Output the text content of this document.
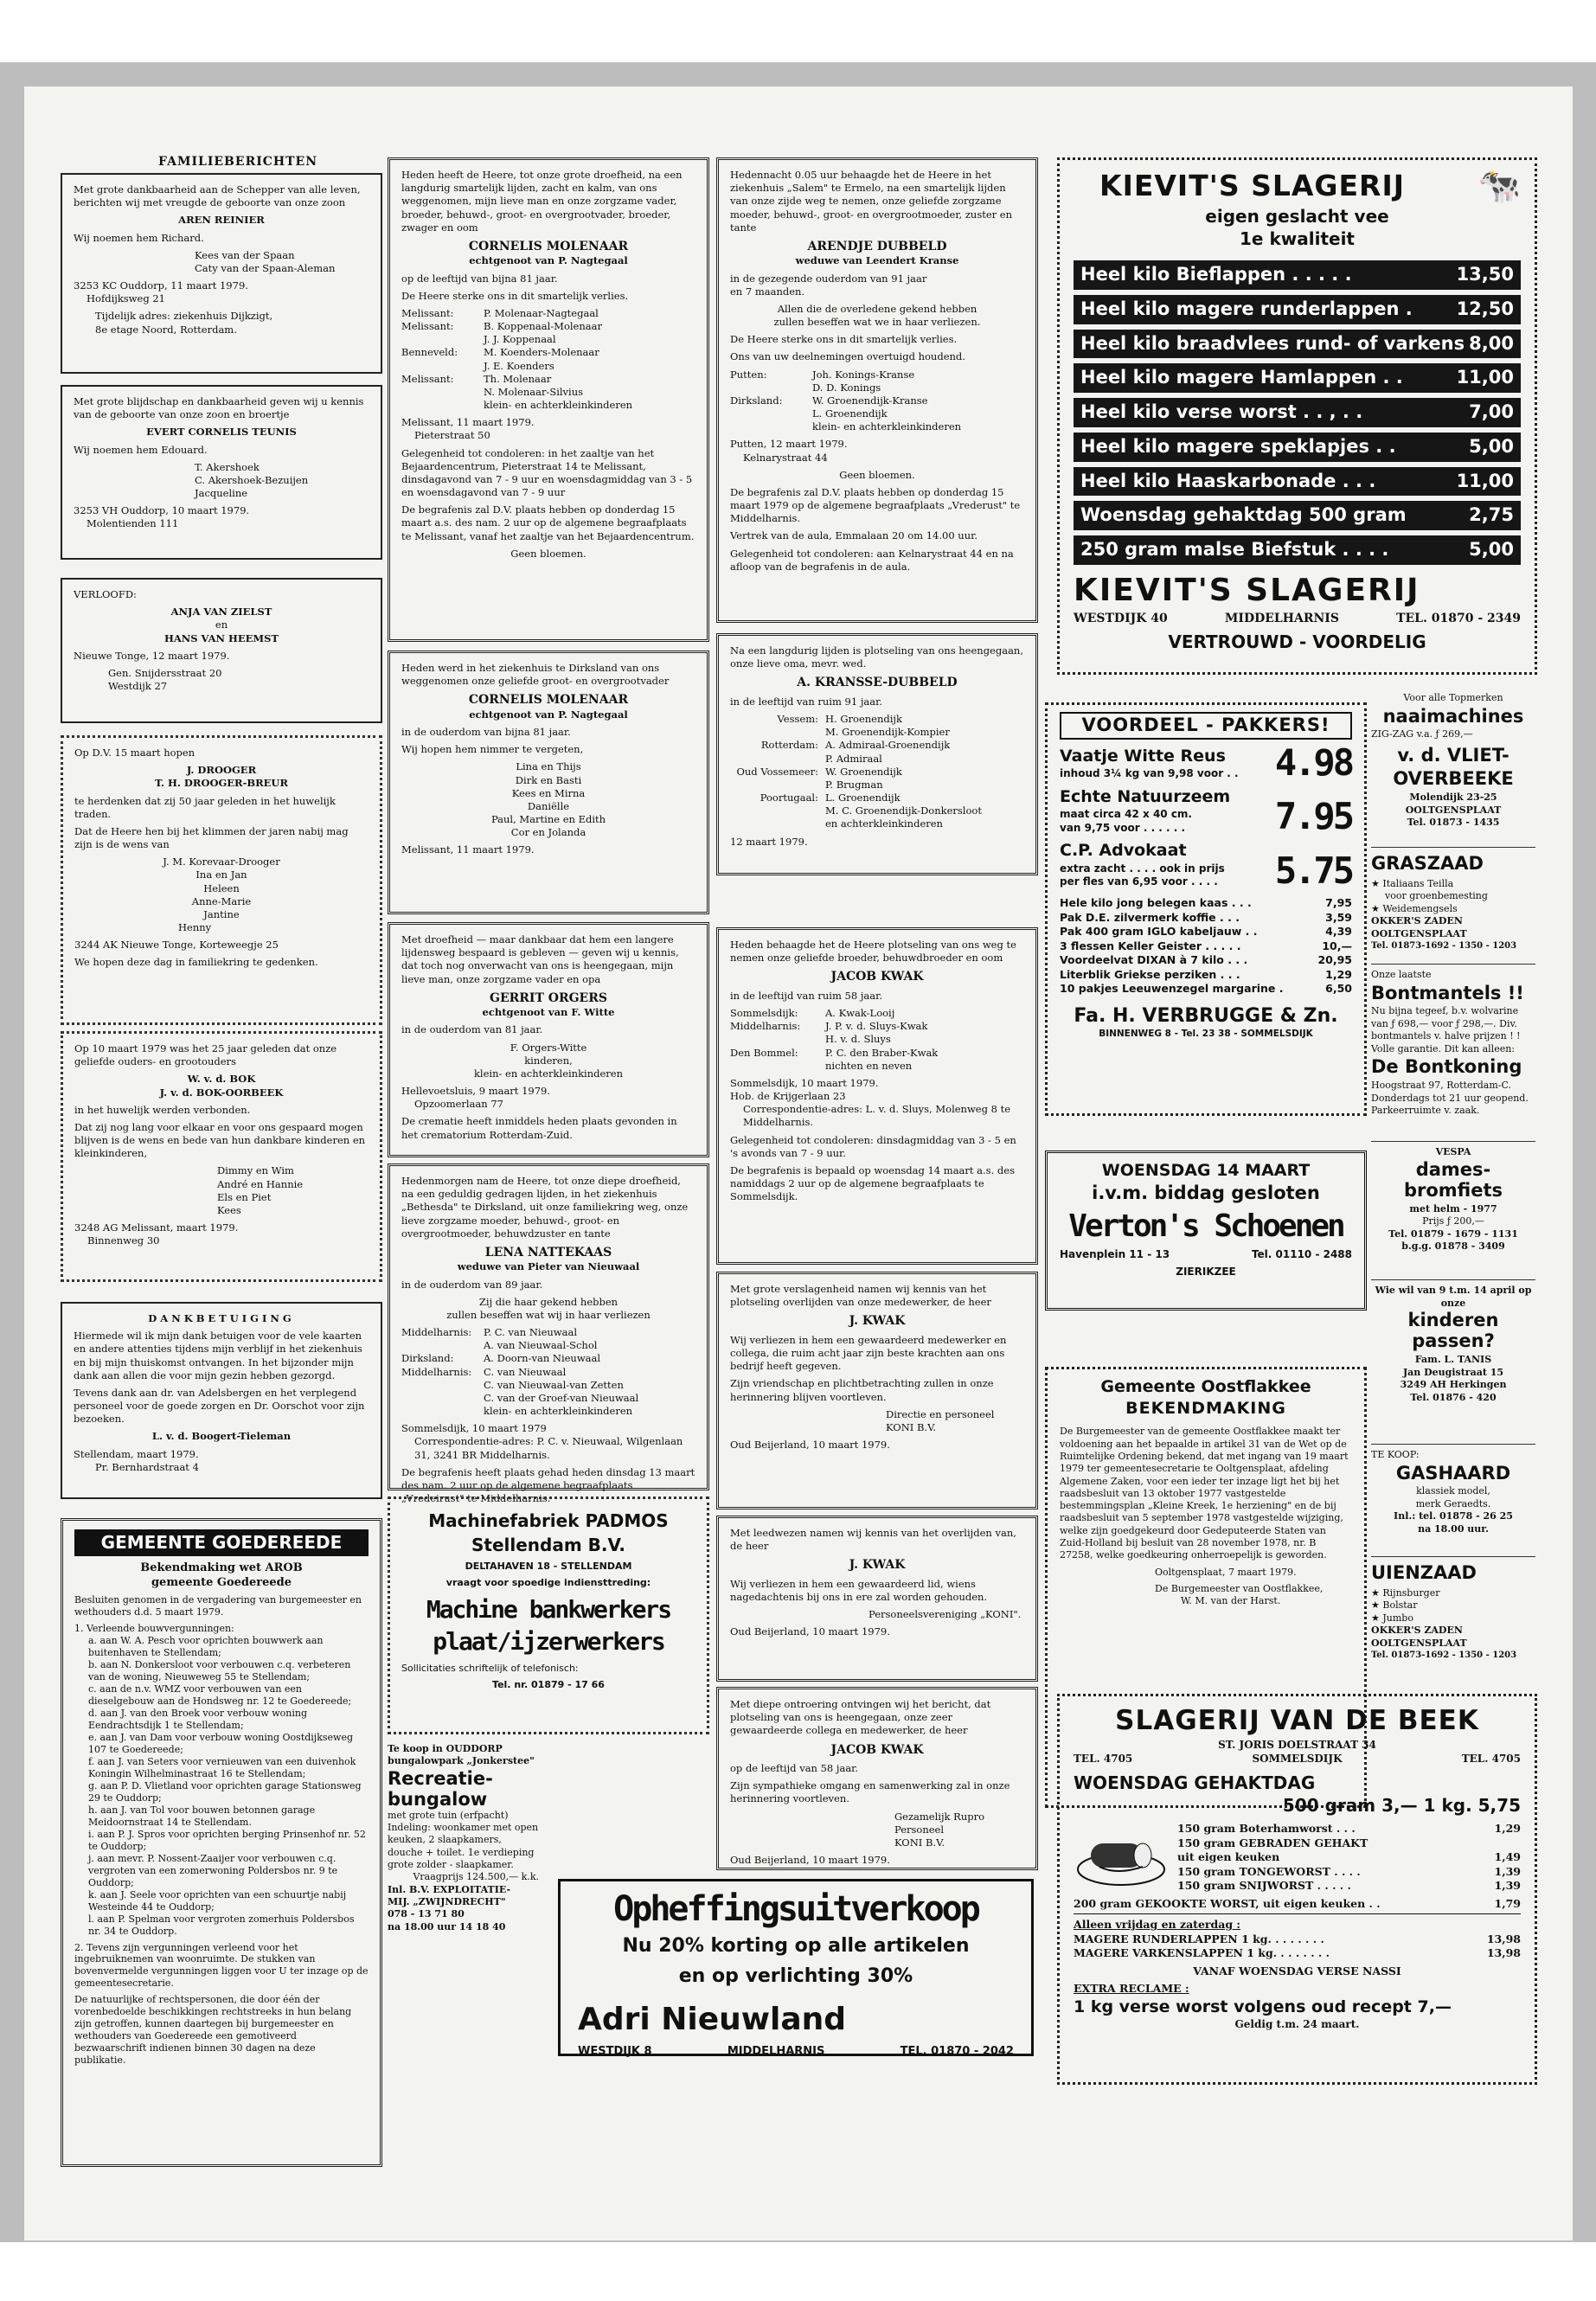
FAMILIEBERICHTEN

Met grote dankbaarheid aan de Schepper van alle leven, berichten wij met vreugde de geboorte van onze zoon

AREN REINIER

Wij noemen hem Richard.

Kees van der Spaan

Caty van der Spaan-Aleman

3253 KC Ouddorp, 11 maart 1979.

Hofdijksweg 21

Tijdelijk adres: ziekenhuis Dijkzigt,

8e etage Noord, Rotterdam.

Met grote blijdschap en dankbaarheid geven wij u kennis van de geboorte van onze zoon en broertje

EVERT CORNELIS TEUNIS

Wij noemen hem Edouard.

T. Akershoek

C. Akershoek-Bezuijen

Jacqueline

3253 VH Ouddorp, 10 maart 1979.

Molentienden 111

VERLOOFD:

ANJA VAN ZIELST

en

HANS VAN HEEMST

Nieuwe Tonge, 12 maart 1979.

Gen. Snijdersstraat 20

Westdijk 27

Op D.V. 15 maart hopen

J. DROOGER

T. H. DROOGER-BREUR

te herdenken dat zij 50 jaar geleden in het huwelijk traden.

Dat de Heere hen bij het klimmen der jaren nabij mag zijn is de wens van

J. M. Korevaar-Drooger

Ina en Jan

Heleen

Anne-Marie

Jantine

Henny

3244 AK Nieuwe Tonge, Korteweegje 25

We hopen deze dag in familiekring te gedenken.

Op 10 maart 1979 was het 25 jaar geleden dat onze geliefde ouders- en grootouders

W. v. d. BOK

J. v. d. BOK-OORBEEK

in het huwelijk werden verbonden.

Dat zij nog lang voor elkaar en voor ons gespaard mogen blijven is de wens en bede van hun dankbare kinderen en kleinkinderen,

Dimmy en Wim

André en Hannie

Els en Piet

Kees

3248 AG Melissant, maart 1979.

Binnenweg 30

DANKBETUIGING

Hiermede wil ik mijn dank betuigen voor de vele kaarten en andere attenties tijdens mijn verblijf in het ziekenhuis en bij mijn thuiskomst ontvangen. In het bijzonder mijn dank aan allen die voor mijn gezin hebben gezorgd.

Tevens dank aan dr. van Adelsbergen en het verplegend personeel voor de goede zorgen en Dr. Oorschot voor zijn bezoeken.

L. v. d. Boogert-Tieleman

Stellendam, maart 1979.

Pr. Bernhardstraat 4

GEMEENTE GOEDEREEDE

Bekendmaking wet AROB

gemeente Goedereede

Besluiten genomen in de vergadering van burgemeester en wethouders d.d. 5 maart 1979.

1. Verleende bouwvergunningen:

a. aan W. A. Pesch voor oprichten bouwwerk aan buitenhaven te Stellendam;

b. aan N. Donkersloot voor verbouwen c.q. verbeteren van de woning, Nieuweweg 55 te Stellendam;

c. aan de n.v. WMZ voor verbouwen van een dieselgebouw aan de Hondsweg nr. 12 te Goedereede;

d. aan J. van den Broek voor verbouw woning Eendrachtsdijk 1 te Stellendam;

e. aan J. van Dam voor verbouw woning Oostdijkseweg 107 te Goedereede;

f. aan J. van Seters voor vernieuwen van een duivenhok Koningin Wilhelminastraat 16 te Stellendam;

g. aan P. D. Vlietland voor oprichten garage Stationsweg 29 te Ouddorp;

h. aan J. van Tol voor bouwen betonnen garage Meidoornstraat 14 te Stellendam.

i. aan P. J. Spros voor oprichten berging Prinsenhof nr. 52 te Ouddorp;

j. aan mevr. P. Nossent-Zaaijer voor verbouwen c.q. vergroten van een zomerwoning Poldersbos nr. 9 te Ouddorp;

k. aan J. Seele voor oprichten van een schuurtje nabij Westeinde 44 te Ouddorp;

l. aan P. Spelman voor vergroten zomerhuis Poldersbos nr. 34 te Ouddorp.

2. Tevens zijn vergunningen verleend voor het ingebruiknemen van woonruimte. De stukken van bovenvermelde vergunningen liggen voor U ter inzage op de gemeentesecretarie.

De natuurlijke of rechtspersonen, die door één der vorenbedoelde beschikkingen rechtstreeks in hun belang zijn getroffen, kunnen daartegen bij burgemeester en wethouders van Goedereede een gemotiveerd bezwaarschrift indienen binnen 30 dagen na deze publikatie.

Heden heeft de Heere, tot onze grote droefheid, na een langdurig smartelijk lijden, zacht en kalm, van ons weggenomen, mijn lieve man en onze zorgzame vader, broeder, behuwd-, groot- en overgrootvader, broeder, zwager en oom

CORNELIS MOLENAAR

echtgenoot van P. Nagtegaal

op de leeftijd van bijna 81 jaar.

De Heere sterke ons in dit smartelijk verlies.

Melissant:	P. Molenaar-Nagtegaal
Melissant:	B. Koppenaal-Molenaar
J. J. Koppenaal
Benneveld:	M. Koenders-Molenaar
J. E. Koenders
Melissant:	Th. Molenaar
N. Molenaar-Silvius
klein- en achterkleinkinderen

Melissant, 11 maart 1979.

Pieterstraat 50

Gelegenheid tot condoleren: in het zaaltje van het Bejaardencentrum, Pieterstraat 14 te Melissant, dinsdagavond van 7 - 9 uur en woensdagmiddag van 3 - 5 en woensdagavond van 7 - 9 uur

De begrafenis zal D.V. plaats hebben op donderdag 15 maart a.s. des nam. 2 uur op de algemene begraafplaats te Melissant, vanaf het zaaltje van het Bejaardencentrum.

Geen bloemen.

Heden werd in het ziekenhuis te Dirksland van ons weggenomen onze geliefde groot- en overgrootvader

CORNELIS MOLENAAR

echtgenoot van P. Nagtegaal

in de ouderdom van bijna 81 jaar.

Wij hopen hem nimmer te vergeten,

Lina en Thijs

Dirk en Basti

Kees en Mirna

Daniëlle

Paul, Martine en Edith

Cor en Jolanda

Melissant, 11 maart 1979.

Met droefheid — maar dankbaar dat hem een langere lijdensweg bespaard is gebleven — geven wij u kennis, dat toch nog onverwacht van ons is heengegaan, mijn lieve man, onze zorgzame vader en opa

GERRIT ORGERS

echtgenoot van F. Witte

in de ouderdom van 81 jaar.

F. Orgers-Witte

kinderen,

klein- en achterkleinkinderen

Hellevoetsluis, 9 maart 1979.

Opzoomerlaan 77

De crematie heeft inmiddels heden plaats gevonden in het crematorium Rotterdam-Zuid.

Hedenmorgen nam de Heere, tot onze diepe droefheid, na een geduldig gedragen lijden, in het ziekenhuis „Bethesda" te Dirksland, uit onze familiekring weg, onze lieve zorgzame moeder, behuwd-, groot- en overgrootmoeder, behuwdzuster en tante

LENA NATTEKAAS

weduwe van Pieter van Nieuwaal

in de ouderdom van 89 jaar.

Zij die haar gekend hebben

zullen beseffen wat wij in haar verliezen

Middelharnis:	P. C. van Nieuwaal
A. van Nieuwaal-Schol
Dirksland:	A. Doorn-van Nieuwaal
Middelharnis:	C. van Nieuwaal
C. van Nieuwaal-van Zetten
C. van der Groef-van Nieuwaal
klein- en achterkleinkinderen

Sommelsdijk, 10 maart 1979

Correspondentie-adres: P. C. v. Nieuwaal, Wilgenlaan 31, 3241 BR Middelharnis.

De begrafenis heeft plaats gehad heden dinsdag 13 maart des nam. 2 uur op de algemene begraafplaats „Vredeirust" te Middelharnis.

Machinefabriek PADMOS

Stellendam B.V.

DELTAHAVEN 18 - STELLENDAM

vraagt voor spoedige indiensttreding:

Machine bankwerkers

plaat/ijzerwerkers

Sollicitaties schriftelijk of telefonisch:

Tel. nr. 01879 - 17 66

Te koop in OUDDORP

bungalowpark „Jonkerstee"

Recreatie-

bungalow

met grote tuin (erfpacht) Indeling: woonkamer met open keuken, 2 slaapkamers, douche + toilet. 1e verdieping grote zolder - slaapkamer.

Vraagprijs 124.500,— k.k.

Inl. B.V. EXPLOITATIE-

MIJ. „ZWIJNDRECHT"

078 - 13 71 80

na 18.00 uur 14 18 40

Hedennacht 0.05 uur behaagde het de Heere in het ziekenhuis „Salem" te Ermelo, na een smartelijk lijden van onze zijde weg te nemen, onze geliefde zorgzame moeder, behuwd-, groot- en overgrootmoeder, zuster en tante

ARENDJE DUBBELD

weduwe van Leendert Kranse

in de gezegende ouderdom van 91 jaar

en 7 maanden.

Allen die de overledene gekend hebben

zullen beseffen wat we in haar verliezen.

De Heere sterke ons in dit smartelijk verlies.

Ons van uw deelnemingen overtuigd houdend.

Putten:	Joh. Konings-Kranse
D. D. Konings
Dirksland:	W. Groenendijk-Kranse
L. Groenendijk
klein- en achterkleinkinderen

Putten, 12 maart 1979.

Kelnarystraat 44

Geen bloemen.

De begrafenis zal D.V. plaats hebben op donderdag 15 maart 1979 op de algemene begraafplaats „Vrederust" te Middelharnis.

Vertrek van de aula, Emmalaan 20 om 14.00 uur.

Gelegenheid tot condoleren: aan Kelnarystraat 44 en na afloop van de begrafenis in de aula.

Na een langdurig lijden is plotseling van ons heengegaan, onze lieve oma, mevr. wed.

A. KRANSSE-DUBBELD

in de leeftijd van ruim 91 jaar.

Vessem: H. Groenendijk
M. Groenendijk-Kompier
Rotterdam: A. Admiraal-Groenendijk
P. Admiraal
Oud Vossemeer: W. Groenendijk
P. Brugman
Poortugaal: L. Groenendijk
M. C. Groenendijk-Donkersloot
en achterkleinkinderen

12 maart 1979.

Heden behaagde het de Heere plotseling van ons weg te nemen onze geliefde broeder, behuwdbroeder en oom

JACOB KWAK

in de leeftijd van ruim 58 jaar.

Sommelsdijk:	A. Kwak-Looij
Middelharnis:	J. P. v. d. Sluys-Kwak
H. v. d. Sluys
Den Bommel:	P. C. den Braber-Kwak
nichten en neven

Sommelsdijk, 10 maart 1979.

Hob. de Krijgerlaan 23

Correspondentie-adres: L. v. d. Sluys, Molenweg 8 te Middelharnis.

Gelegenheid tot condoleren: dinsdagmiddag van 3 - 5 en 's avonds van 7 - 9 uur.

De begrafenis is bepaald op woensdag 14 maart a.s. des namiddags 2 uur op de algemene begraafplaats te Sommelsdijk.

Met grote verslagenheid namen wij kennis van het plotseling overlijden van onze medewerker, de heer

J. KWAK

Wij verliezen in hem een gewaardeerd medewerker en collega, die ruim acht jaar zijn beste krachten aan ons bedrijf heeft gegeven.

Zijn vriendschap en plichtbetrachting zullen in onze herinnering blijven voortleven.

Directie en personeel

KONI B.V.

Oud Beijerland, 10 maart 1979.

Met leedwezen namen wij kennis van het overlijden van, de heer

J. KWAK

Wij verliezen in hem een gewaardeerd lid, wiens nagedachtenis bij ons in ere zal worden gehouden.

Personeelsvereniging „KONI".

Oud Beijerland, 10 maart 1979.

Met diepe ontroering ontvingen wij het bericht, dat plotseling van ons is heengegaan, onze zeer gewaardeerde collega en medewerker, de heer

JACOB KWAK

op de leeftijd van 58 jaar.

Zijn sympathieke omgang en samenwerking zal in onze herinnering voortleven.

Gezamelijk Rupro Personeel

KONI B.V.

Oud Beijerland, 10 maart 1979.

Opheffingsuitverkoop

Nu 20% korting op alle artikelen

en op verlichting 30%

Adri Nieuwland

WESTDIJK 8	MIDDELHARNIS	TEL. 01870 - 2042

KIEVIT'S SLAGERIJ 🐄

eigen geslacht vee

1e kwaliteit

Heel kilo Bieflappen . . . . .	13,50
Heel kilo magere runderlappen . 12,50
Heel kilo braadvlees rund- of varkens 8,00
Heel kilo magere Hamlappen . .	11,00
Heel kilo verse worst . . , . .	7,00
Heel kilo magere speklapjes . .	5,00
Heel kilo Haaskarbonade . . .	11,00
Woensdag gehaktdag 500 gram	2,75
250 gram malse Biefstuk . . . .	5,00

KIEVIT'S SLAGERIJ

WESTDIJK 40	MIDDELHARNIS	TEL. 01870 - 2349

VERTROUWD - VOORDELIG

VOORDEEL - PAKKERS!

Vaatje Witte Reus

inhoud 3¼ kg van 9,98 voor . . 4.98

Echte Natuurzeem

maat circa 42 x 40 cm.

van 9,75 voor . . . . . .	7.95

C.P. Advokaat

extra zacht . . . . ook in prijs

per fles van 6,95 voor . . . . 5.75
Hele kilo jong belegen kaas . . .	7,95
Pak D.E. zilvermerk koffie . . .	3,59
Pak 400 gram IGLO kabeljauw . .	4,39
3 flessen Keller Geister . . . . .	10,—
Voordeelvat DIXAN à 7 kilo . . .	20,95
Literblik Griekse perziken . . .	1,29
10 pakjes Leeuwenzegel margarine .	6,50

Fa. H. VERBRUGGE & Zn.

BINNENWEG 8 - Tel. 23 38 - SOMMELSDIJK

WOENSDAG 14 MAART

i.v.m. biddag gesloten

Verton's Schoenen

Havenplein 11 - 13	Tel. 01110 - 2488

ZIERIKZEE

Gemeente Oostflakkee

BEKENDMAKING

De Burgemeester van de gemeente Oostflakkee maakt ter voldoening aan het bepaalde in artikel 31 van de Wet op de Ruimtelijke Ordening bekend, dat met ingang van 19 maart 1979 ter gemeentesecretarie te Ooltgensplaat, afdeling Algemene Zaken, voor een ieder ter inzage ligt het bij het raadsbesluit van 13 oktober 1977 vastgestelde bestemmingsplan „Kleine Kreek, 1e herziening" en de bij raadsbesluit van 5 september 1978 vastgestelde wijziging, welke zijn goedgekeurd door Gedeputeerde Staten van Zuid-Holland bij besluit van 28 november 1978, nr. B 27258, welke goedkeuring onherroepelijk is geworden.

Ooltgensplaat, 7 maart 1979.

De Burgemeester van Oostflakkee,

W. M. van der Harst.

Voor alle Topmerken

naaimachines

ZIG-ZAG v.a. ƒ 269,—

v. d. VLIET-

OVERBEEKE

Molendijk 23-25

OOLTGENSPLAAT

Tel. 01873 - 1435

GRASZAAD

★ Italiaans Teilla

voor groenbemesting

★ Weidemengsels

OKKER'S ZADEN

OOLTGENSPLAAT

Tel. 01873-1692 - 1350 - 1203

Onze laatste

Bontmantels !!

Nu bijna tegeef, b.v. wolvarine van ƒ 698,— voor ƒ 298,—. Div. bontmantels v. halve prijzen ! ! Volle garantie. Dit kan alleen:

De Bontkoning

Hoogstraat 97, Rotterdam-C. Donderdags tot 21 uur geopend. Parkeerruimte v. zaak.

VESPA

dames-

bromfiets

met helm - 1977

Prijs ƒ 200,—

Tel. 01879 - 1679 - 1131

b.g.g. 01878 - 3409

Wie wil van 9 t.m. 14 april op onze

kinderen

passen?

Fam. L. TANIS

Jan Deugistraat 15

3249 AH Herkingen

Tel. 01876 - 420

TE KOOP:

GASHAARD

klassiek model,

merk Geraedts.

Inl.: tel. 01878 - 26 25

na 18.00 uur.

UIENZAAD

★ Rijnsburger

★ Bolstar

★ Jumbo

OKKER'S ZADEN

OOLTGENSPLAAT

Tel. 01873-1692 - 1350 - 1203

SLAGERIJ VAN DE BEEK

ST. JORIS DOELSTRAAT 34

TEL. 4705	SOMMELSDIJK	TEL. 4705

WOENSDAG GEHAKTDAG

500 gram 3,— 1 kg. 5,75

150 gram Boterhamworst . . .	1,29
150 gram GEBRADEN GEHAKT
uit eigen keuken	1,49
150 gram TONGEWORST . . . .	1,39
150 gram SNIJWORST . . . . .	1,39
200 gram GEKOOKTE WORST, uit eigen keuken . .	1,79

Alleen vrijdag en zaterdag :

MAGERE RUNDERLAPPEN 1 kg. . . . . . . .	13,98
MAGERE VARKENSLAPPEN 1 kg. . . . . . . .	13,98

VANAF WOENSDAG VERSE NASSI

EXTRA RECLAME :

1 kg verse worst volgens oud recept 7,—

Geldig t.m. 24 maart.
